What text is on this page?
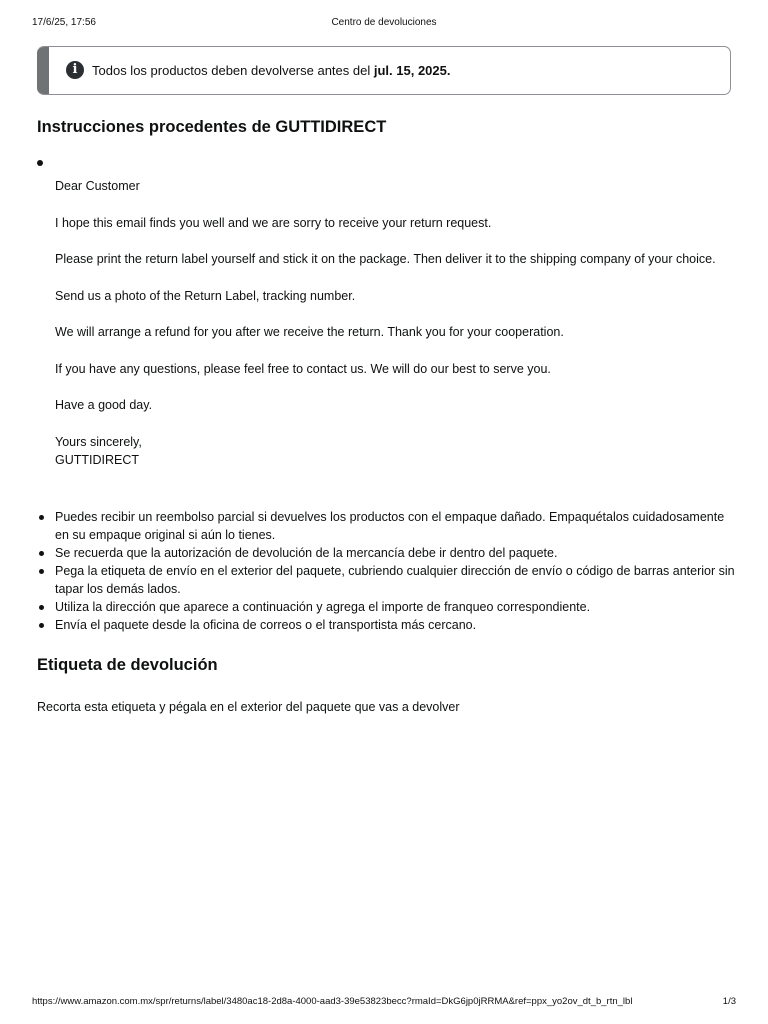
17/6/25, 17:56	Centro de devoluciones
i	Todos los productos deben devolverse antes del jul. 15, 2025.
Instrucciones procedentes de GUTTIDIRECT

Dear Customer

I hope this email finds you well and we are sorry to receive your return request.

Please print the return label yourself and stick it on the package. Then deliver it to the shipping company of your choice.

Send us a photo of the Return Label, tracking number.

We will arrange a refund for you after we receive the return. Thank you for your cooperation.

If you have any questions, please feel free to contact us. We will do our best to serve you.

Have a good day.

Yours sincerely,
GUTTIDIRECT

Puedes recibir un reembolso parcial si devuelves los productos con el empaque dañado. Empaquétalos cuidadosamente en su empaque original si aún lo tienes.
Se recuerda que la autorización de devolución de la mercancía debe ir dentro del paquete.
Pega la etiqueta de envío en el exterior del paquete, cubriendo cualquier dirección de envío o código de barras anterior sin tapar los demás lados.
Utiliza la dirección que aparece a continuación y agrega el importe de franqueo correspondiente.
Envía el paquete desde la oficina de correos o el transportista más cercano.
Etiqueta de devolución
Recorta esta etiqueta y pégala en el exterior del paquete que vas a devolver
https://www.amazon.com.mx/spr/returns/label/3480ac18-2d8a-4000-aad3-39e53823becc?rmaId=DkG6jp0jRRMA&ref=ppx_yo2ov_dt_b_rtn_lbl	1/3
